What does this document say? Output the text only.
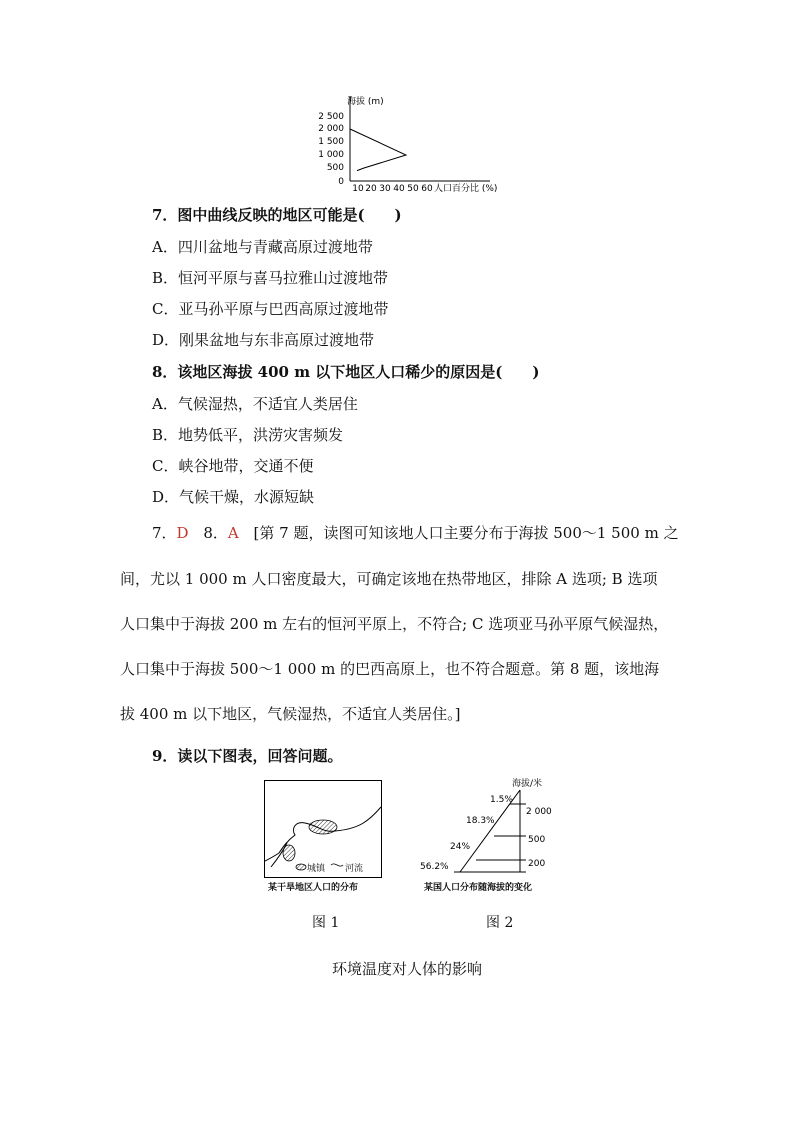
海拔 (m)
2 500
2 000
1 500
1 000
500
0
10 20 30 40 50 60 人口百分比 (%)
7．图中曲线反映的地区可能是(　　)
A．四川盆地与青藏高原过渡地带
B．恒河平原与喜马拉雅山过渡地带
C．亚马孙平原与巴西高原过渡地带
D．刚果盆地与东非高原过渡地带
8．该地区海拔 400 m 以下地区人口稀少的原因是(　　)
A．气候湿热，不适宜人类居住
B．地势低平，洪涝灾害频发
C．峡谷地带，交通不便
D．气候干燥，水源短缺
7．D 8．A [第 7 题，读图可知该地人口主要分布于海拔 500～1 500 m 之
间，尤以 1 000 m 人口密度最大，可确定该地在热带地区，排除 A 选项; B 选项
人口集中于海拔 200 m 左右的恒河平原上，不符合; C 选项亚马孙平原气候湿热，
人口集中于海拔 500～1 000 m 的巴西高原上，也不符合题意。第 8 题，该地海
拔 400 m 以下地区，气候湿热，不适宜人类居住。]
9．读以下图表，回答问题。
城镇 河流
某干旱地区人口的分布
图 1
海拔/米
2 000
500
200
1.5%
18.3%
24%
56.2%
某国人口分布随海拔的变化
图 2
环境温度对人体的影响
